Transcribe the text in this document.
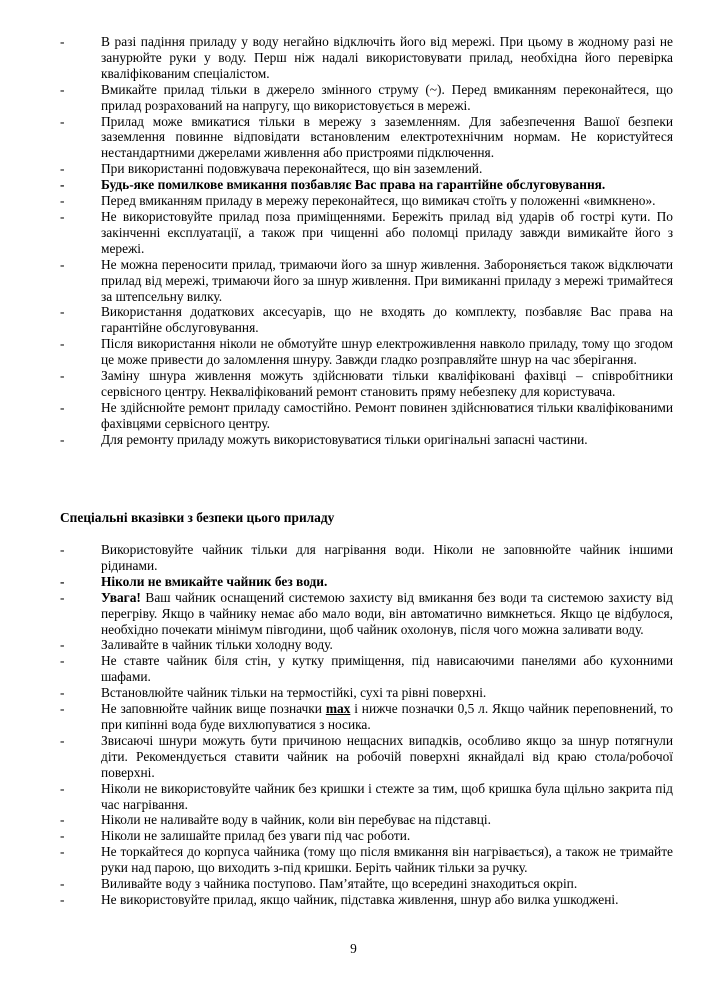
-	В разі падіння приладу у воду негайно відключіть його від мережі. При цьому в жодному разі не занурюйте руки у воду. Перш ніж надалі використовувати прилад, необхідна його перевірка кваліфікованим спеціалістом.
-	Вмикайте прилад тільки в джерело змінного струму (~). Перед вмиканням переконайтеся, що прилад розрахований на напругу, що використовується в мережі.
-	Прилад може вмикатися тільки в мережу з заземленням. Для забезпечення Вашої безпеки заземлення повинне відповідати встановленим електротехнічним нормам. Не користуйтеся нестандартними джерелами живлення або пристроями підключення.
-	При використанні подовжувача переконайтеся, що він заземлений.
-	Будь-яке помилкове вмикання позбавляє Вас права на гарантійне обслуговування.
-	Перед вмиканням приладу в мережу переконайтеся, що вимикач стоїть у положенні «вимкнено».
-	Не використовуйте прилад поза приміщеннями. Бережіть прилад від ударів об гострі кути. По закінченні експлуатації, а також при чищенні або поломці приладу завжди вимикайте його з мережі.
-	Не можна переносити прилад, тримаючи його за шнур живлення. Забороняється також відключати прилад від мережі, тримаючи його за шнур живлення. При вимиканні приладу з мережі тримайтеся за штепсельну вилку.
-	Використання додаткових аксесуарів, що не входять до комплекту, позбавляє Вас права на гарантійне обслуговування.
-	Після використання ніколи не обмотуйте шнур електроживлення навколо приладу, тому що згодом це може привести до заломлення шнуру. Завжди гладко розправляйте шнур на час зберігання.
-	Заміну шнура живлення можуть здійснювати тільки кваліфіковані фахівці – співробітники сервісного центру. Некваліфікований ремонт становить пряму небезпеку для користувача.
-	Не здійснюйте ремонт приладу самостійно. Ремонт повинен здійснюватися тільки кваліфікованими фахівцями сервісного центру.
-	Для ремонту приладу можуть використовуватися тільки оригінальні запасні частини.
Спеціальні вказівки з безпеки цього приладу
-	Використовуйте чайник тільки для нагрівання води. Ніколи не заповнюйте чайник іншими рідинами.
-	Ніколи не вмикайте чайник без води.
-	Увага! Ваш чайник оснащений системою захисту від вмикання без води та системою захисту від перегріву. Якщо в чайнику немає або мало води, він автоматично вимкнеться. Якщо це відбулося, необхідно почекати мінімум півгодини, щоб чайник охолонув, після чого можна заливати воду.
-	Заливайте в чайник тільки холодну воду.
-	Не ставте чайник біля стін, у кутку приміщення, під нависаючими панелями або кухонними шафами.
-	Встановлюйте чайник тільки на термостійкі, сухі та рівні поверхні.
-	Не заповнюйте чайник вище позначки max і нижче позначки 0,5 л. Якщо чайник переповнений, то при кипінні вода буде вихлюпуватися з носика.
-	Звисаючі шнури можуть бути причиною нещасних випадків, особливо якщо за шнур потягнули діти. Рекомендується ставити чайник на робочій поверхні якнайдалі від краю стола/робочої поверхні.
-	Ніколи не використовуйте чайник без кришки і стежте за тим, щоб кришка була щільно закрита під час нагрівання.
-	Ніколи не наливайте воду в чайник, коли він перебуває на підставці.
-	Ніколи не залишайте прилад без уваги під час роботи.
-	Не торкайтеся до корпуса чайника (тому що після вмикання він нагрівається), а також не тримайте руки над парою, що виходить з-під кришки. Беріть чайник тільки за ручку.
-	Виливайте воду з чайника поступово. Пам’ятайте, що всередині знаходиться окріп.
-	Не використовуйте прилад, якщо чайник, підставка живлення, шнур або вилка ушкоджені.
9
